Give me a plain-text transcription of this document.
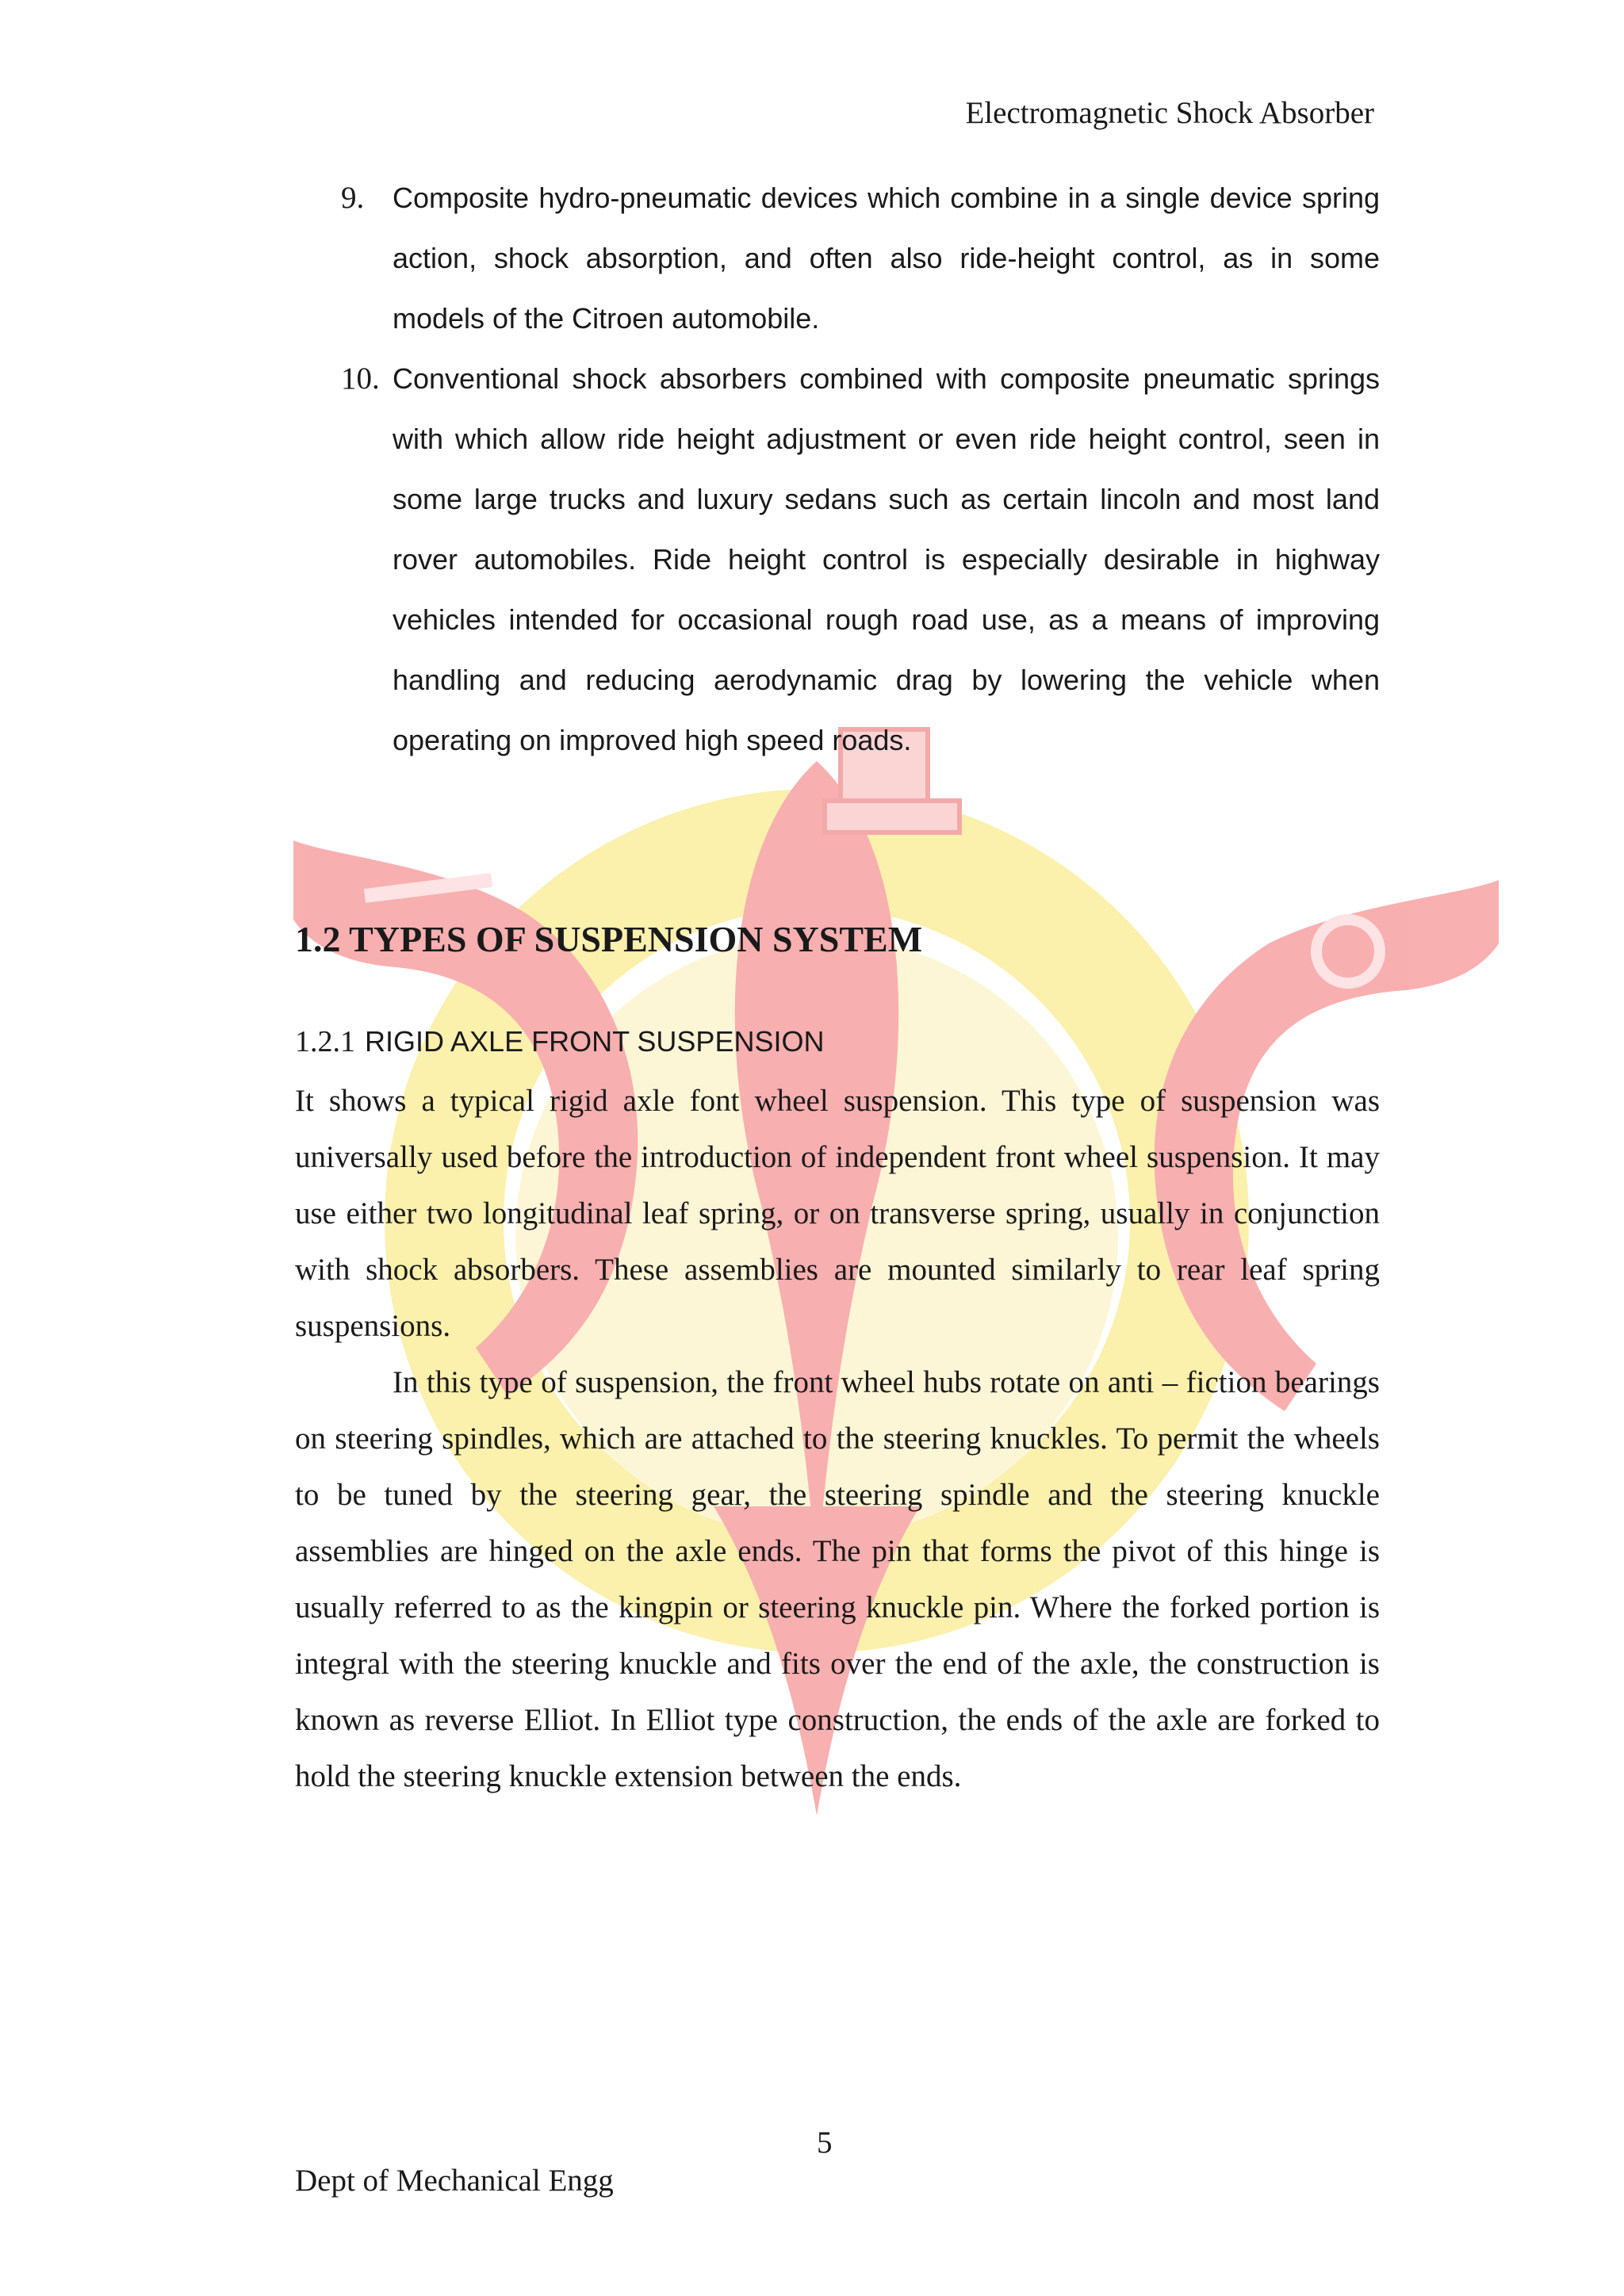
Electromagnetic Shock Absorber
9. Composite hydro-pneumatic devices which combine in a single device spring action, shock absorption, and often also ride-height control, as in some models of the Citroen automobile.
10. Conventional shock absorbers combined with composite pneumatic springs with which allow ride height adjustment or even ride height control, seen in some large trucks and luxury sedans such as certain lincoln and most land rover automobiles. Ride height control is especially desirable in highway vehicles intended for occasional rough road use, as a means of improving handling and reducing aerodynamic drag by lowering the vehicle when operating on improved high speed roads.
1.2 TYPES OF SUSPENSION SYSTEM
1.2.1 RIGID AXLE FRONT SUSPENSION

It shows a typical rigid axle font wheel suspension. This type of suspension was universally used before the introduction of independent front wheel suspension. It may use either two longitudinal leaf spring, or on transverse spring, usually in conjunction with shock absorbers. These assemblies are mounted similarly to rear leaf spring suspensions.

In this type of suspension, the front wheel hubs rotate on anti – fiction bearings on steering spindles, which are attached to the steering knuckles. To permit the wheels to be tuned by the steering gear, the steering spindle and the steering knuckle assemblies are hinged on the axle ends. The pin that forms the pivot of this hinge is usually referred to as the kingpin or steering knuckle pin. Where the forked portion is integral with the steering knuckle and fits over the end of the axle, the construction is known as reverse Elliot. In Elliot type construction, the ends of the axle are forked to hold the steering knuckle extension between the ends.

5
Dept of Mechanical Engg
